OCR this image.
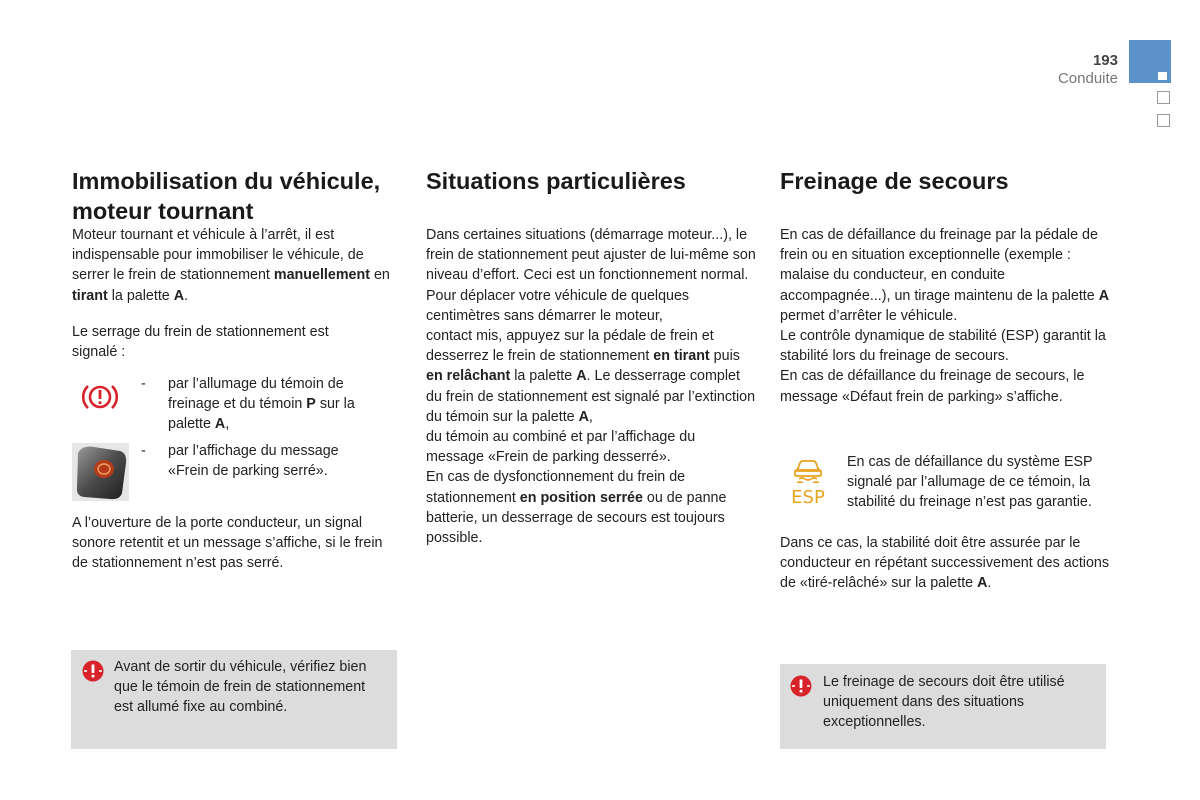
193
Conduite
Immobilisation du véhicule,
moteur tournant

Moteur tournant et véhicule à l’arrêt, il est indispensable pour immobiliser le véhicule, de serrer le frein de stationnement manuellement en tirant la palette A.

Le serrage du frein de stationnement est signalé :

-	par l’allumage du témoin de freinage et du témoin P sur la palette A,
-	par l’affichage du message «Frein de parking serré».

A l’ouverture de la porte conducteur, un signal sonore retentit et un message s’affiche, si le frein de stationnement n’est pas serré.

Avant de sortir du véhicule, vérifiez bien que le témoin de frein de stationnement est allumé fixe au combiné.
Situations particulières

Dans certaines situations (démarrage moteur...), le frein de stationnement peut ajuster de lui-même son niveau d’effort. Ceci est un fonctionnement normal.

Pour déplacer votre véhicule de quelques centimètres sans démarrer le moteur,

contact mis, appuyez sur la pédale de frein et desserrez le frein de stationnement en tirant puis en relâchant la palette A. Le desserrage complet du frein de stationnement est signalé par l’extinction du témoin sur la palette A,

du témoin au combiné et par l’affichage du message «Frein de parking desserré».

En cas de dysfonctionnement du frein de stationnement en position serrée ou de panne batterie, un desserrage de secours est toujours possible.

Freinage de secours

En cas de défaillance du freinage par la pédale de frein ou en situation exceptionnelle (exemple : malaise du conducteur, en conduite accompagnée...), un tirage maintenu de la palette A permet d’arrêter le véhicule.

Le contrôle dynamique de stabilité (ESP) garantit la stabilité lors du freinage de secours.

En cas de défaillance du freinage de secours, le message «Défaut frein de parking» s’affiche.

ESP

En cas de défaillance du système ESP signalé par l’allumage de ce témoin, la stabilité du freinage n’est pas garantie.

Dans ce cas, la stabilité doit être assurée par le conducteur en répétant successivement des actions de «tiré-relâché» sur la palette A.

Le freinage de secours doit être utilisé uniquement dans des situations exceptionnelles.
